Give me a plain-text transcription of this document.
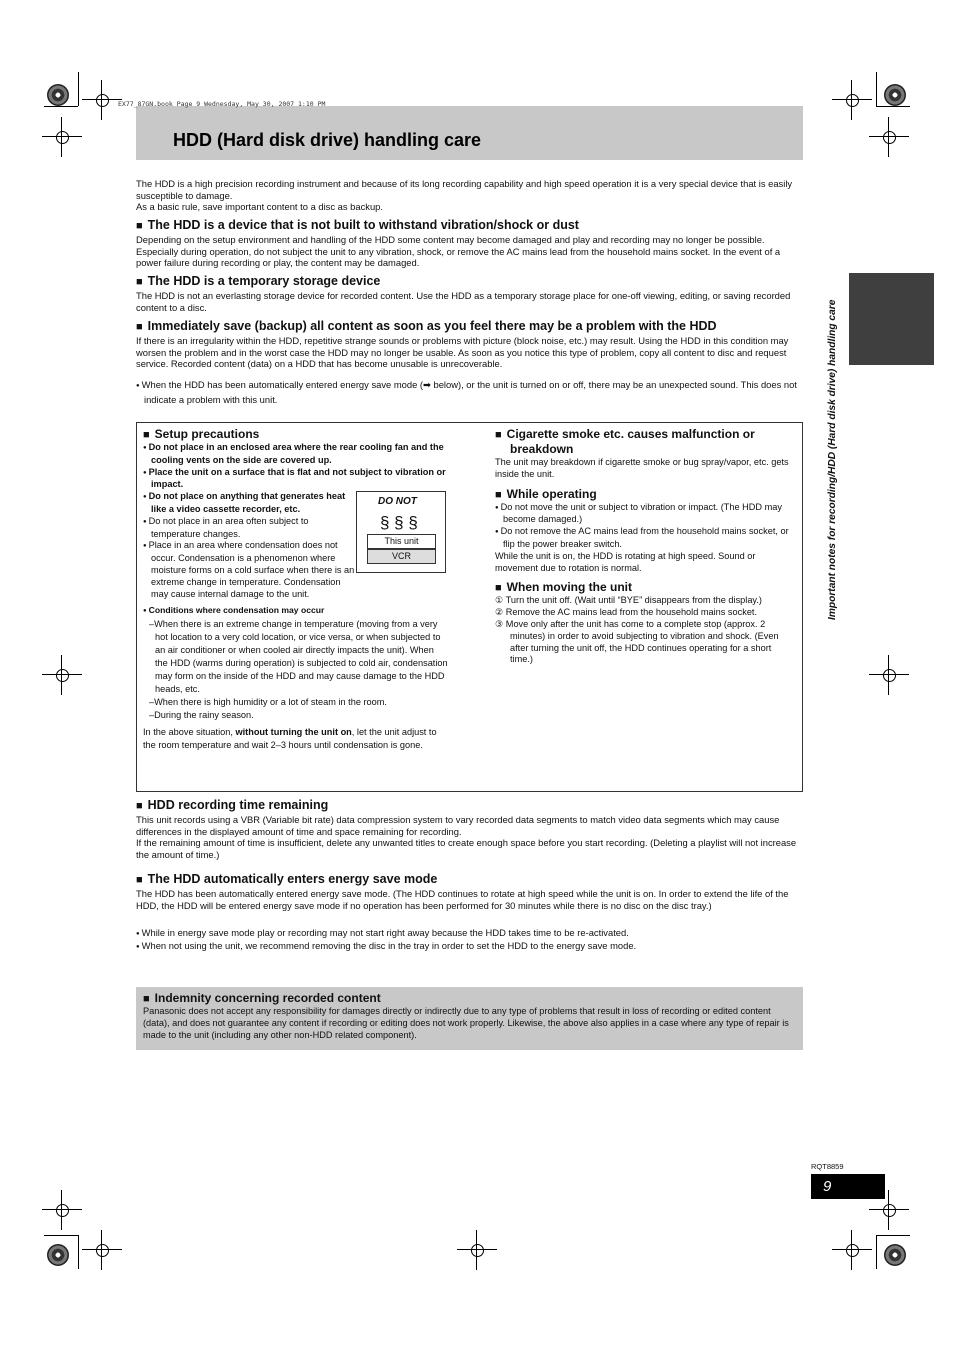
HDD (Hard disk drive) handling care
EX77_87GN.book Page 9 Wednesday, May 30, 2007 1:10 PM
The HDD is a high precision recording instrument and because of its long recording capability and high speed operation it is a very special device that is easily susceptible to damage.
As a basic rule, save important content to a disc as backup.
■ The HDD is a device that is not built to withstand vibration/shock or dust
Depending on the setup environment and handling of the HDD some content may become damaged and play and recording may no longer be possible. Especially during operation, do not subject the unit to any vibration, shock, or remove the AC mains lead from the household mains socket. In the event of a power failure during recording or play, the content may be damaged.
■ The HDD is a temporary storage device
The HDD is not an everlasting storage device for recorded content. Use the HDD as a temporary storage place for one-off viewing, editing, or saving recorded content to a disc.
■ Immediately save (backup) all content as soon as you feel there may be a problem with the HDD
If there is an irregularity within the HDD, repetitive strange sounds or problems with picture (block noise, etc.) may result. Using the HDD in this condition may worsen the problem and in the worst case the HDD may no longer be usable. As soon as you notice this type of problem, copy all content to disc and request service. Recorded content (data) on a HDD that has become unusable is unrecoverable.
● When the HDD has been automatically entered energy save mode (➡ below), or the unit is turned on or off, there may be an unexpected sound. This does not indicate a problem with this unit.
■ Setup precautions
● Do not place in an enclosed area where the rear cooling fan and the cooling vents on the side are covered up.
● Place the unit on a surface that is flat and not subject to vibration or impact.
● Do not place on anything that generates heat like a video cassette recorder, etc.
● Do not place in an area often subject to temperature changes.
● Place in an area where condensation does not occur. Condensation is a phenomenon where moisture forms on a cold surface when there is an extreme change in temperature. Condensation may cause internal damage to the unit.
● Conditions where condensation may occur
–When there is an extreme change in temperature (moving from a very hot location to a very cold location, or vice versa, or when subjected to an air conditioner or when cooled air directly impacts the unit). When the HDD (warms during operation) is subjected to cold air, condensation may form on the inside of the HDD and may cause damage to the HDD heads, etc.
–When there is high humidity or a lot of steam in the room.
–During the rainy season.
In the above situation, without turning the unit on, let the unit adjust to the room temperature and wait 2–3 hours until condensation is gone.
DO NOT
§ § §
This unit
VCR
■ Cigarette smoke etc. causes malfunction or breakdown
The unit may breakdown if cigarette smoke or bug spray/vapor, etc. gets inside the unit.
■ While operating
● Do not move the unit or subject to vibration or impact. (The HDD may become damaged.)
● Do not remove the AC mains lead from the household mains socket, or flip the power breaker switch.
While the unit is on, the HDD is rotating at high speed. Sound or movement due to rotation is normal.
■ When moving the unit
① Turn the unit off. (Wait until “BYE” disappears from the display.)
② Remove the AC mains lead from the household mains socket.
③ Move only after the unit has come to a complete stop (approx. 2 minutes) in order to avoid subjecting to vibration and shock. (Even after turning the unit off, the HDD continues operating for a short time.)
■ HDD recording time remaining
This unit records using a VBR (Variable bit rate) data compression system to vary recorded data segments to match video data segments which may cause differences in the displayed amount of time and space remaining for recording.
If the remaining amount of time is insufficient, delete any unwanted titles to create enough space before you start recording. (Deleting a playlist will not increase the amount of time.)
■ The HDD automatically enters energy save mode
The HDD has been automatically entered energy save mode. (The HDD continues to rotate at high speed while the unit is on. In order to extend the life of the HDD, the HDD will be entered energy save mode if no operation has been performed for 30 minutes while there is no disc on the disc tray.)
● While in energy save mode play or recording may not start right away because the HDD takes time to be re-activated.
● When not using the unit, we recommend removing the disc in the tray in order to set the HDD to the energy save mode.
■ Indemnity concerning recorded content
Panasonic does not accept any responsibility for damages directly or indirectly due to any type of problems that result in loss of recording or edited content (data), and does not guarantee any content if recording or editing does not work properly. Likewise, the above also applies in a case where any type of repair is made to the unit (including any other non-HDD related component).
Important notes for recording/HDD (Hard disk drive) handling care
RQT8859
9
